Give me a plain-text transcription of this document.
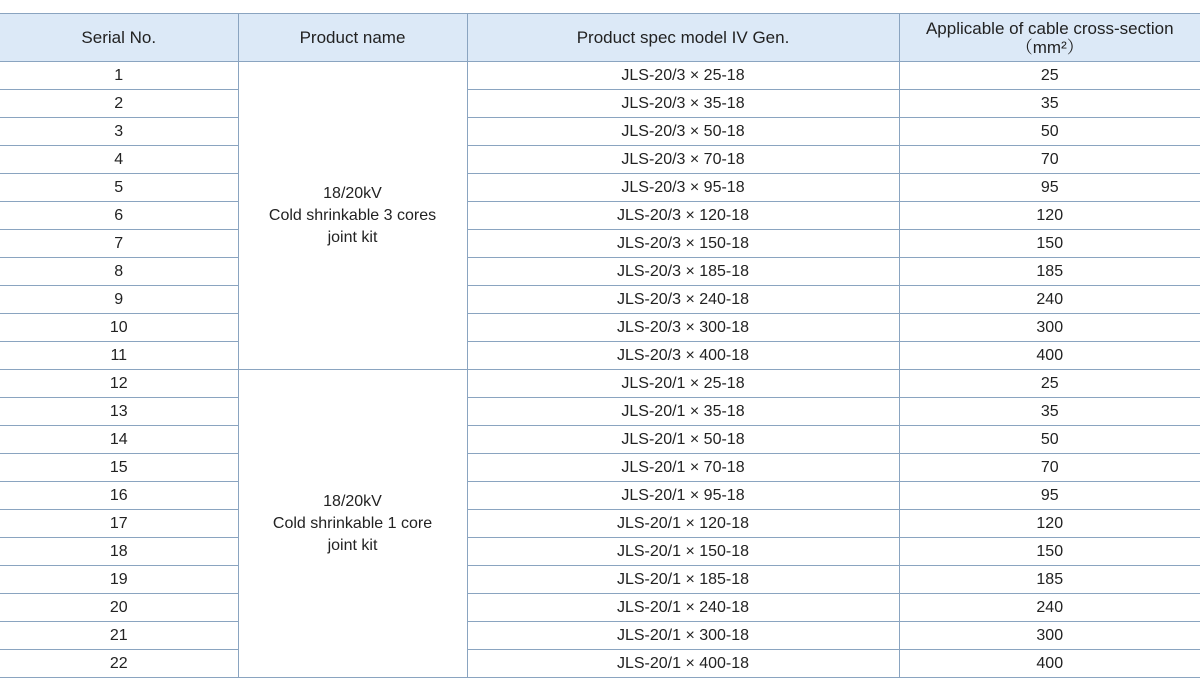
Serial No.	Product name	Product spec model IV Gen.	Applicable of cable cross-section
（mm²）

1	18/20kV
Cold shrinkable 3 cores
joint kit	JLS-20/3 × 25-18	25
2		JLS-20/3 × 35-18	35
3		JLS-20/3 × 50-18	50
4		JLS-20/3 × 70-18	70
5		JLS-20/3 × 95-18	95
6		JLS-20/3 × 120-18	120
7		JLS-20/3 × 150-18	150
8		JLS-20/3 × 185-18	185
9		JLS-20/3 × 240-18	240
10		JLS-20/3 × 300-18	300
11		JLS-20/3 × 400-18	400
12	18/20kV
Cold shrinkable 1 core
joint kit	JLS-20/1 × 25-18	25
13		JLS-20/1 × 35-18	35
14		JLS-20/1 × 50-18	50
15		JLS-20/1 × 70-18	70
16		JLS-20/1 × 95-18	95
17		JLS-20/1 × 120-18	120
18		JLS-20/1 × 150-18	150
19		JLS-20/1 × 185-18	185
20		JLS-20/1 × 240-18	240
21		JLS-20/1 × 300-18	300
22		JLS-20/1 × 400-18	400
